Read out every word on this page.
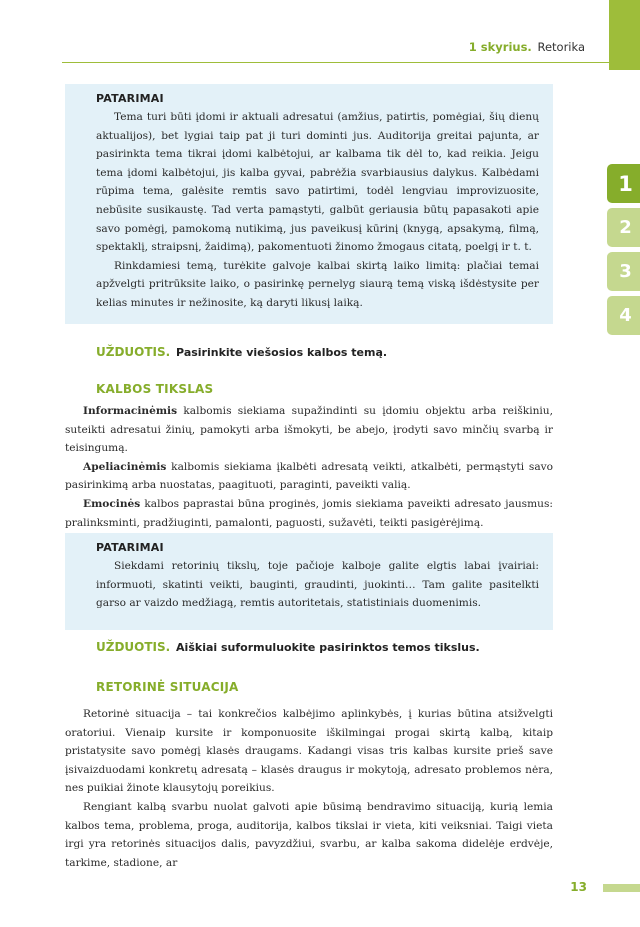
1 skyrius. Retorika
1
2
3
4
PATARIMAI

Tema turi būti įdomi ir aktuali adresatui (amžius, patirtis, pomėgiai, šių dienų aktualijos), bet lygiai taip pat ji turi dominti jus. Auditorija greitai pajunta, ar pasirinkta tema tikrai įdomi kalbėtojui, ar kalbama tik dėl to, kad reikia. Jeigu tema įdomi kalbėtojui, jis kalba gyvai, pabrėžia svarbiausius dalykus. Kalbėdami rūpima tema, galėsite remtis savo patirtimi, todėl lengviau improvizuosite, nebūsite susikaustę. Tad verta pamąstyti, galbūt geriausia būtų papasakoti apie savo pomėgį, pamokomą nutikimą, jus paveikusį kūrinį (knygą, apsakymą, filmą, spektaklį, straipsnį, žaidimą), pakomentuoti žinomo žmogaus citatą, poelgį ir t. t.

Rinkdamiesi temą, turėkite galvoje kalbai skirtą laiko limitą: plačiai temai apžvelgti pritrūksite laiko, o pasirinkę pernelyg siaurą temą viską išdėstysite per kelias minutes ir nežinosite, ką daryti likusį laiką.

UŽDUOTIS. Pasirinkite viešosios kalbos temą.
KALBOS TIKSLAS

Informacinėmis kalbomis siekiama supažindinti su įdomiu objektu arba reiškiniu, suteikti adresatui žinių, pamokyti arba išmokyti, be abejo, įrodyti savo minčių svarbą ir teisingumą.

Apeliacinėmis kalbomis siekiama įkalbėti adresatą veikti, atkalbėti, permąstyti savo pasirinkimą arba nuostatas, paagituoti, paraginti, paveikti valią.

Emocinės kalbos paprastai būna proginės, jomis siekiama paveikti adresato jausmus: pralinksminti, pradžiuginti, pamalonti, paguosti, sužavėti, teikti pasigėrėjimą.

PATARIMAI

Siekdami retorinių tikslų, toje pačioje kalboje galite elgtis labai įvairiai: informuoti, skatinti veikti, bauginti, graudinti, juokinti… Tam galite pasitelkti garso ar vaizdo medžiagą, remtis autoritetais, statistiniais duomenimis.

UŽDUOTIS. Aiškiai suformuluokite pasirinktos temos tikslus.
RETORINĖ SITUACIJA

Retorinė situacija – tai konkrečios kalbėjimo aplinkybės, į kurias būtina atsižvelgti oratoriui. Vienaip kursite ir komponuosite iškilmingai progai skirtą kalbą, kitaip pristatysite savo pomėgį klasės draugams. Kadangi visas tris kalbas kursite prieš save įsivaizduodami konkretų adresatą – klasės draugus ir mokytoją, adresato problemos nėra, nes puikiai žinote klausytojų poreikius.

Rengiant kalbą svarbu nuolat galvoti apie būsimą bendravimo situaciją, kurią lemia kalbos tema, problema, proga, auditorija, kalbos tikslai ir vieta, kiti veiksniai. Taigi vieta irgi yra retorinės situacijos dalis, pavyzdžiui, svarbu, ar kalba sakoma didelėje erdvėje, tarkime, stadione, ar

13
